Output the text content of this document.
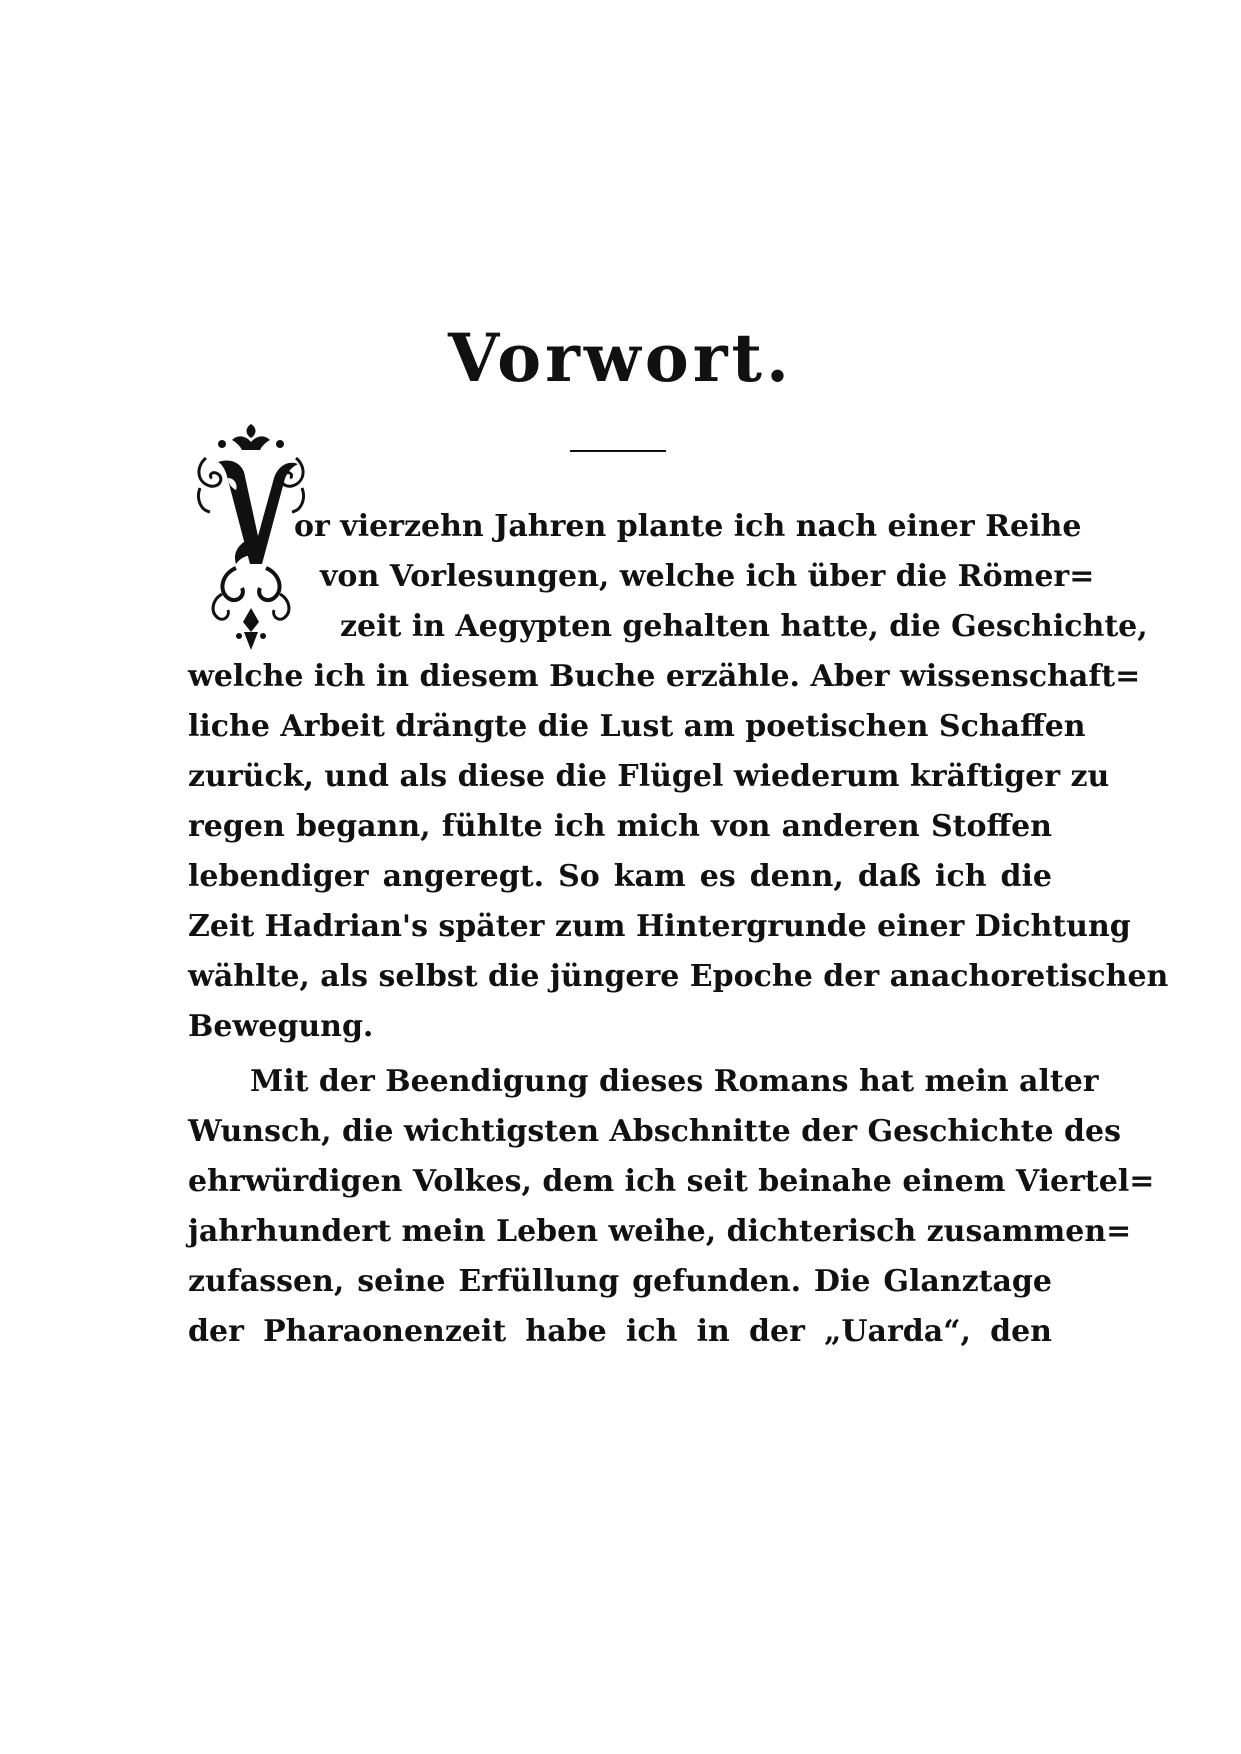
Vorwort.
or vierzehn Jahren plante ich nach einer Reihe
von Vorlesungen, welche ich über die Römer=
zeit in Aegypten gehalten hatte, die Geschichte,
welche ich in diesem Buche erzähle. Aber wissenschaft=
liche Arbeit drängte die Lust am poetischen Schaffen
zurück, und als diese die Flügel wiederum kräftiger zu
regen begann, fühlte ich mich von anderen Stoffen
lebendiger angeregt. So kam es denn, daß ich die
Zeit Hadrian's später zum Hintergrunde einer Dichtung
wählte, als selbst die jüngere Epoche der anachoretischen
Bewegung.
Mit der Beendigung dieses Romans hat mein alter
Wunsch, die wichtigsten Abschnitte der Geschichte des
ehrwürdigen Volkes, dem ich seit beinahe einem Viertel=
jahrhundert mein Leben weihe, dichterisch zusammen=
zufassen, seine Erfüllung gefunden. Die Glanztage
der Pharaonenzeit habe ich in der „Uarda“, den
